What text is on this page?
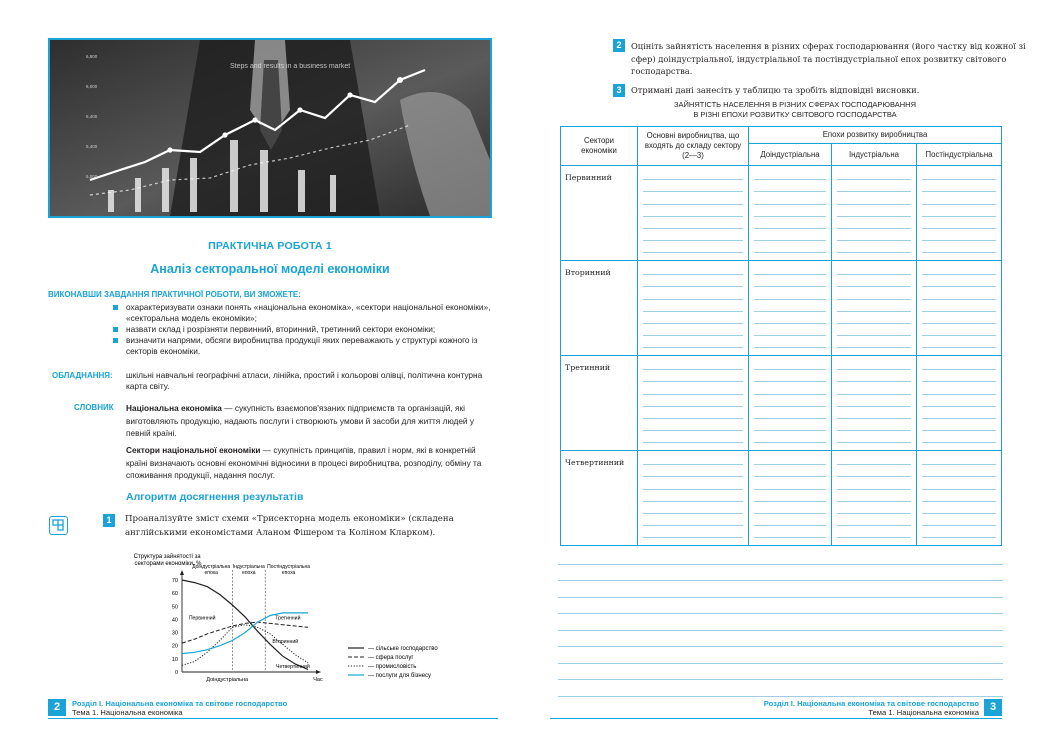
6,800
6,000
6,400
5,400
5,000
Steps and results in a business market
ПРАКТИЧНА РОБОТА 1
Аналіз секторальної моделі економіки
ВИКОНАВШИ ЗАВДАННЯ ПРАКТИЧНОЇ РОБОТИ, ВИ ЗМОЖЕТЕ:
охарактеризувати ознаки понять «національна економіка», «сектори національної економіки», «секторальна модель економіки»;
назвати склад і розрізняти первинний, вторинний, третинний сектори економіки;
визначити напрями, обсяги виробництва продукції яких переважають у структурі кожного із секторів економіки.
ОБЛАДНАННЯ: шкільні навчальні географічні атласи, лінійка, простий і кольорові олівці, політична контурна карта світу.
СЛОВНИК Національна економіка — сукупність взаємопов'язаних підприємств та організацій, які виготовляють продукцію, надають послуги і створюють умови й засоби для життя людей у певній країні.
Сектори національної економіки — сукупність принципів, правил і норм, які в конкретній країні визначають основні економічні відносини в процесі виробництва, розподілу, обміну та споживання продукції, надання послуг.
Алгоритм досягнення результатів
1	Проаналізуйте зміст схеми «Трисекторна модель економіки» (складена англійськими економістами Аланом Фішером та Коліном Кларком).
Структура зайнятості за секторами економіки, %
70
60
50
40
30
20
10
0
Доіндустріальна епоха
Індустріальна епоха
Постіндустріальна епоха
Первинний
Вторинний
Третинний
Четвертинний
Доіндустріальна	Час
— сільське господарство
— сфера послуг
— промисловість
— послуги для бізнесу
2	Розділ І. Національна економіка та світове господарство
Тема 1. Національна економіка
2	Оцініть зайнятість населення в різних сферах господарювання (його частку від кожної зі сфер) доіндустріальної, індустріальної та постіндустріальної епох розвитку світового господарства.
3	Отримані дані занесіть у таблицю та зробіть відповідні висновки.
ЗАЙНЯТІСТЬ НАСЕЛЕННЯ В РІЗНИХ СФЕРАХ ГОСПОДАРЮВАННЯ
В РІЗНІ ЕПОХИ РОЗВИТКУ СВІТОВОГО ГОСПОДАРСТВА
Сектори економіки	Основні виробництва, що входять до складу сектору (2—3)	Епохи розвитку виробництва		
		Доіндустріальна	Індустріальна	Постіндустріальна
Первинний	

Вторинний	

Третинний	

Четвертинний	

Розділ І. Національна економіка та світове господарство
Тема 1. Національна економіка 3
